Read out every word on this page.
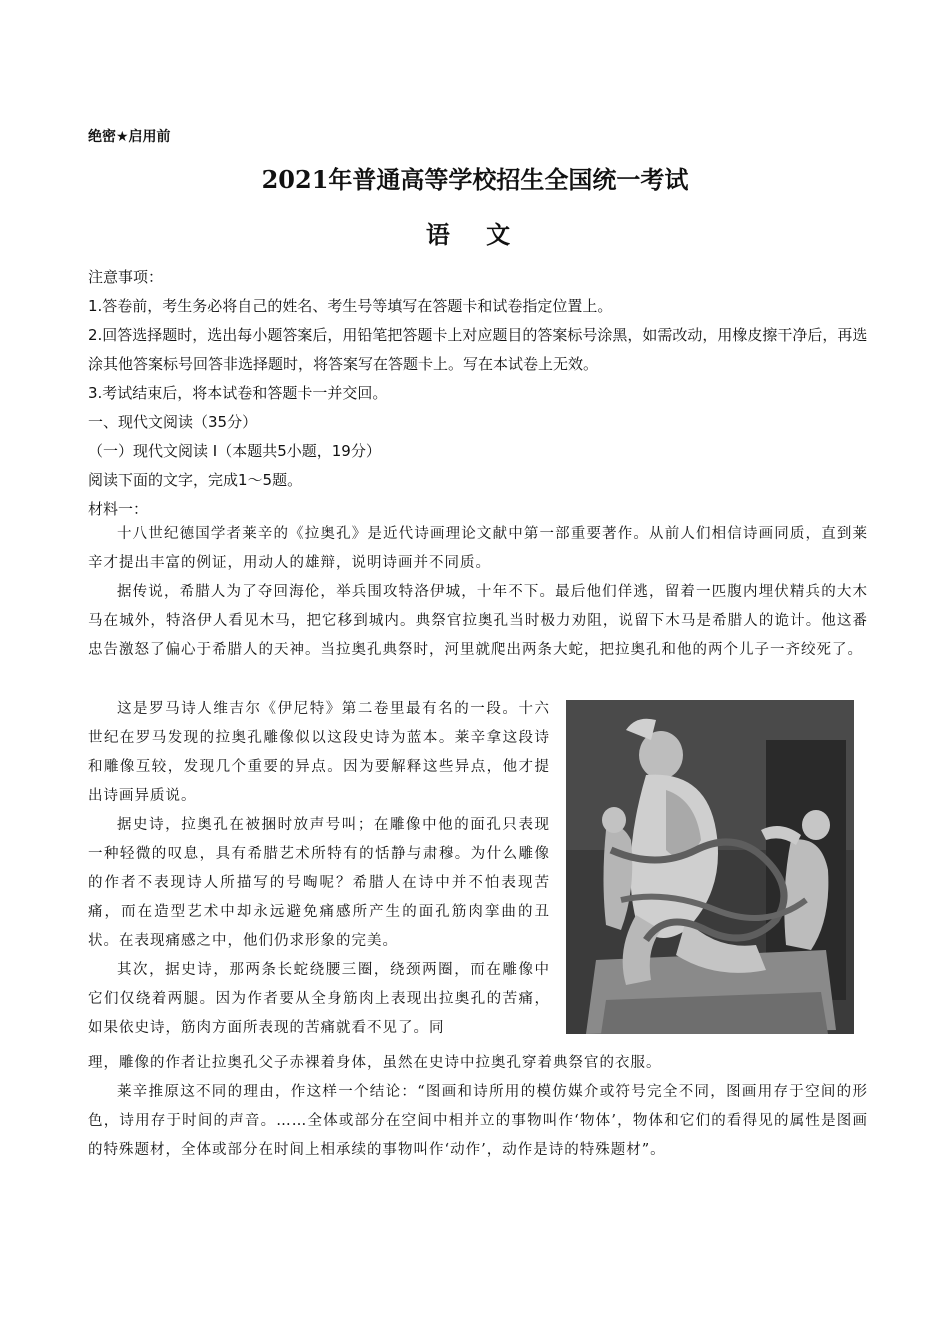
绝密★启用前
2021年普通高等学校招生全国统一考试
语 文

注意事项：

1.答卷前，考生务必将自己的姓名、考生号等填写在答题卡和试卷指定位置上。

2.回答选择题时，选出每小题答案后，用铅笔把答题卡上对应题目的答案标号涂黑，如需改动，用橡皮擦干净后，再选涂其他答案标号回答非选择题时，将答案写在答题卡上。写在本试卷上无效。

3.考试结束后，将本试卷和答题卡一并交回。

一、现代文阅读（35分）

（一）现代文阅读 I（本题共5小题，19分）

阅读下面的文字，完成1～5题。

材料一：

十八世纪德国学者莱辛的《拉奥孔》是近代诗画理论文献中第一部重要著作。从前人们相信诗画同质，直到莱辛才提出丰富的例证，用动人的雄辩，说明诗画并不同质。

据传说，希腊人为了夺回海伦，举兵围攻特洛伊城，十年不下。最后他们佯逃，留着一匹腹内埋伏精兵的大木马在城外，特洛伊人看见木马，把它移到城内。典祭官拉奥孔当时极力劝阻，说留下木马是希腊人的诡计。他这番忠告激怒了偏心于希腊人的天神。当拉奥孔典祭时，河里就爬出两条大蛇，把拉奥孔和他的两个儿子一齐绞死了。

这是罗马诗人维吉尔《伊尼特》第二卷里最有名的一段。十六世纪在罗马发现的拉奥孔雕像似以这段史诗为蓝本。莱辛拿这段诗和雕像互较，发现几个重要的异点。因为要解释这些异点，他才提出诗画异质说。

据史诗，拉奥孔在被捆时放声号叫；在雕像中他的面孔只表现一种轻微的叹息，具有希腊艺术所特有的恬静与肃穆。为什么雕像的作者不表现诗人所描写的号啕呢？希腊人在诗中并不怕表现苦痛，而在造型艺术中却永远避免痛感所产生的面孔筋肉挛曲的丑状。在表现痛感之中，他们仍求形象的完美。

其次，据史诗，那两条长蛇绕腰三圈，绕颈两圈，而在雕像中它们仅绕着两腿。因为作者要从全身筋肉上表现出拉奥孔的苦痛，如果依史诗，筋肉方面所表现的苦痛就看不见了。同

理，雕像的作者让拉奥孔父子赤裸着身体，虽然在史诗中拉奥孔穿着典祭官的衣服。

莱辛推原这不同的理由，作这样一个结论：“图画和诗所用的模仿媒介或符号完全不同，图画用存于空间的形色，诗用存于时间的声音。……全体或部分在空间中相并立的事物叫作‘物体’，物体和它们的看得见的属性是图画的特殊题材，全体或部分在时间上相承续的事物叫作‘动作’，动作是诗的特殊题材”。
